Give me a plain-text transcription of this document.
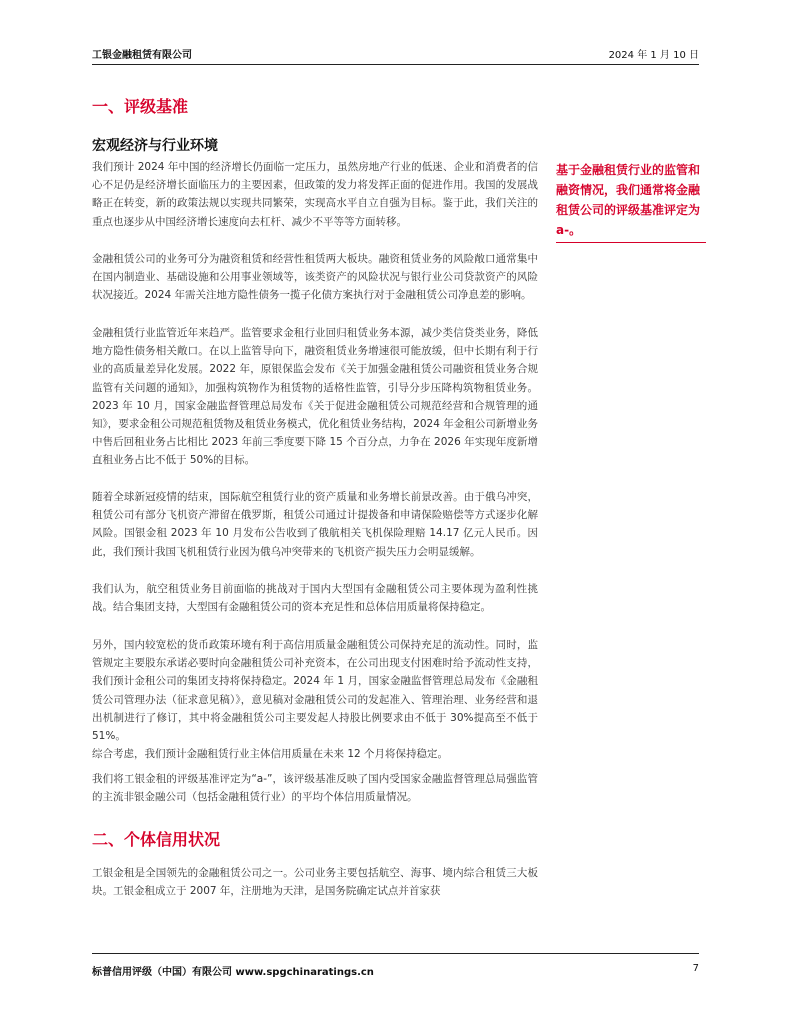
工银金融租赁有限公司	2024 年 1 月 10 日
一、评级基准
宏观经济与行业环境

我们预计 2024 年中国的经济增长仍面临一定压力，虽然房地产行业的低迷、企业和消费者的信心不足仍是经济增长面临压力的主要因素，但政策的发力将发挥正面的促进作用。我国的发展战略正在转变，新的政策法规以实现共同繁荣，实现高水平自立自强为目标。鉴于此，我们关注的重点也逐步从中国经济增长速度向去杠杆、减少不平等等方面转移。

金融租赁公司的业务可分为融资租赁和经营性租赁两大板块。融资租赁业务的风险敞口通常集中在国内制造业、基础设施和公用事业领域等，该类资产的风险状况与银行业公司贷款资产的风险状况接近。2024 年需关注地方隐性债务一揽子化债方案执行对于金融租赁公司净息差的影响。

金融租赁行业监管近年来趋严。监管要求金租行业回归租赁业务本源，减少类信贷类业务，降低地方隐性债务相关敞口。在以上监管导向下，融资租赁业务增速很可能放缓，但中长期有利于行业的高质量差异化发展。2022 年，原银保监会发布《关于加强金融租赁公司融资租赁业务合规监管有关问题的通知》，加强构筑物作为租赁物的适格性监管，引导分步压降构筑物租赁业务。2023 年 10 月，国家金融监督管理总局发布《关于促进金融租赁公司规范经营和合规管理的通知》，要求金租公司规范租赁物及租赁业务模式，优化租赁业务结构，2024 年金租公司新增业务中售后回租业务占比相比 2023 年前三季度要下降 15 个百分点，力争在 2026 年实现年度新增直租业务占比不低于 50%的目标。

随着全球新冠疫情的结束，国际航空租赁行业的资产质量和业务增长前景改善。由于俄乌冲突，租赁公司有部分飞机资产滞留在俄罗斯，租赁公司通过计提拨备和申请保险赔偿等方式逐步化解风险。国银金租 2023 年 10 月发布公告收到了俄航相关飞机保险理赔 14.17 亿元人民币。因此，我们预计我国飞机租赁行业因为俄乌冲突带来的飞机资产损失压力会明显缓解。

我们认为，航空租赁业务目前面临的挑战对于国内大型国有金融租赁公司主要体现为盈利性挑战。结合集团支持，大型国有金融租赁公司的资本充足性和总体信用质量将保持稳定。

另外，国内较宽松的货币政策环境有利于高信用质量金融租赁公司保持充足的流动性。同时，监管规定主要股东承诺必要时向金融租赁公司补充资本，在公司出现支付困难时给予流动性支持，我们预计金租公司的集团支持将保持稳定。2024 年 1 月，国家金融监督管理总局发布《金融租赁公司管理办法（征求意见稿）》，意见稿对金融租赁公司的发起准入、管理治理、业务经营和退出机制进行了修订，其中将金融租赁公司主要发起人持股比例要求由不低于 30%提高至不低于 51%。

综合考虑，我们预计金融租赁行业主体信用质量在未来 12 个月将保持稳定。

我们将工银金租的评级基准评定为“a-”，该评级基准反映了国内受国家金融监督管理总局强监管的主流非银金融公司（包括金融租赁行业）的平均个体信用质量情况。

基于金融租赁行业的监管和融资情况，我们通常将金融租赁公司的评级基准评定为 a-。
二、个体信用状况

工银金租是全国领先的金融租赁公司之一。公司业务主要包括航空、海事、境内综合租赁三大板块。工银金租成立于 2007 年，注册地为天津，是国务院确定试点并首家获

标普信用评级（中国）有限公司 www.spgchinaratings.cn	7
